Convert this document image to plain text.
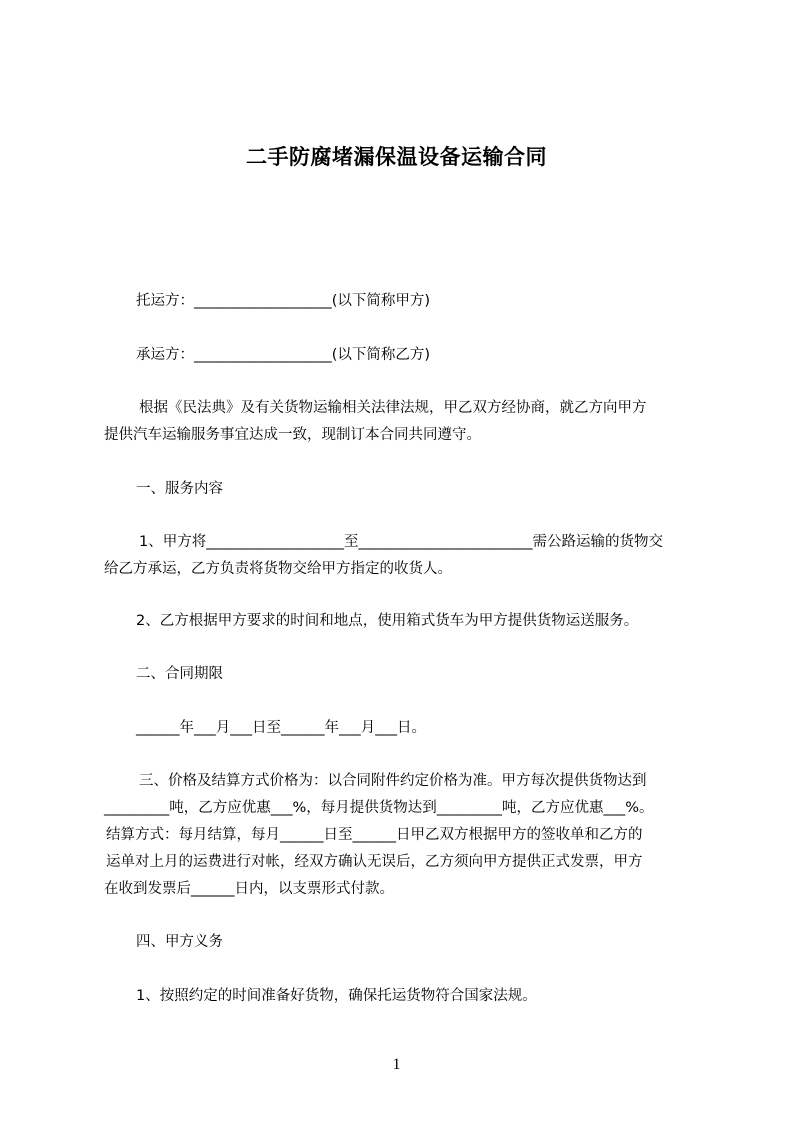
二手防腐堵漏保温设备运输合同
托运方：___________________(以下简称甲方)
承运方：___________________(以下简称乙方)
根据《民法典》及有关货物运输相关法律法规，甲乙双方经协商，就乙方向甲方
提供汽车运输服务事宜达成一致，现制订本合同共同遵守。
一、服务内容
1、甲方将___________________至________________________需公路运输的货物交
给乙方承运，乙方负责将货物交给甲方指定的收货人。
2、乙方根据甲方要求的时间和地点，使用箱式货车为甲方提供货物运送服务。
二、合同期限
______年___月___日至______年___月___日。
三、价格及结算方式价格为：以合同附件约定价格为准。甲方每次提供货物达到
_________吨，乙方应优惠___%，每月提供货物达到_________吨，乙方应优惠___%。
结算方式：每月结算，每月______日至______日甲乙双方根据甲方的签收单和乙方的
运单对上月的运费进行对帐，经双方确认无误后，乙方须向甲方提供正式发票，甲方
在收到发票后______日内，以支票形式付款。
四、甲方义务
1、按照约定的时间准备好货物，确保托运货物符合国家法规。
1
